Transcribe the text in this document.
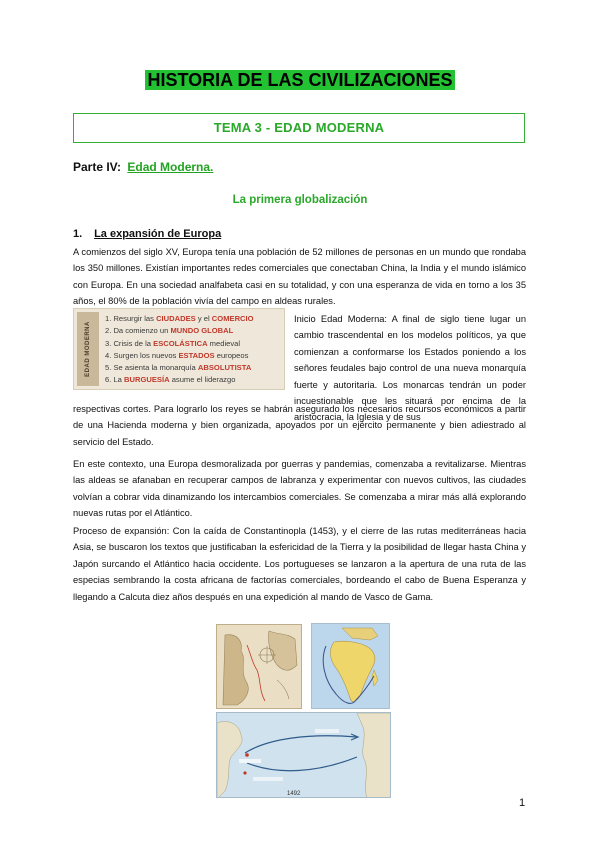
HISTORIA DE LAS CIVILIZACIONES
TEMA 3 - EDAD MODERNA
Parte IV: Edad Moderna.
La primera globalización
1. La expansión de Europa
A comienzos del siglo XV, Europa tenía una población de 52 millones de personas en un mundo que rondaba los 350 millones. Existían importantes redes comerciales que conectaban China, la India y el mundo islámico con Europa. En una sociedad analfabeta casi en su totalidad, y con una esperanza de vida en torno a los 35 años, el 80% de la población vivía del campo en aldeas rurales.
EDAD MODERNA
1. Resurgir las CIUDADES y el COMERCIO
2. Da comienzo un MUNDO GLOBAL
3. Crisis de la ESCOLÁSTICA medieval
4. Surgen los nuevos ESTADOS europeos
5. Se asienta la monarquía ABSOLUTISTA
6. La BURGUESÍA asume el liderazgo
Inicio Edad Moderna: A final de siglo tiene lugar un cambio trascendental en los modelos políticos, ya que comienzan a conformarse los Estados poniendo a los señores feudales bajo control de una nueva monarquía fuerte y autoritaria. Los monarcas tendrán un poder incuestionable que les situará por encima de la aristocracia, la Iglesia y de sus
respectivas cortes. Para lograrlo los reyes se habrán asegurado los necesarios recursos económicos a partir de una Hacienda moderna y bien organizada, apoyados por un ejército permanente y bien adiestrado al servicio del Estado.
En este contexto, una Europa desmoralizada por guerras y pandemias, comenzaba a revitalizarse. Mientras las aldeas se afanaban en recuperar campos de labranza y experimentar con nuevos cultivos, las ciudades volvían a cobrar vida dinamizando los intercambios comerciales. Se comenzaba a mirar más allá explorando nuevas rutas por el Atlántico.
Proceso de expansión: Con la caída de Constantinopla (1453), y el cierre de las rutas mediterráneas hacia Asia, se buscaron los textos que justificaban la esfericidad de la Tierra y la posibilidad de llegar hasta China y Japón surcando el Atlántico hacia occidente. Los portugueses se lanzaron a la apertura de una ruta de las especias sembrando la costa africana de factorías comerciales, bordeando el cabo de Buena Esperanza y llegando a Calcuta diez años después en una expedición al mando de Vasco de Gama.
1492
1
